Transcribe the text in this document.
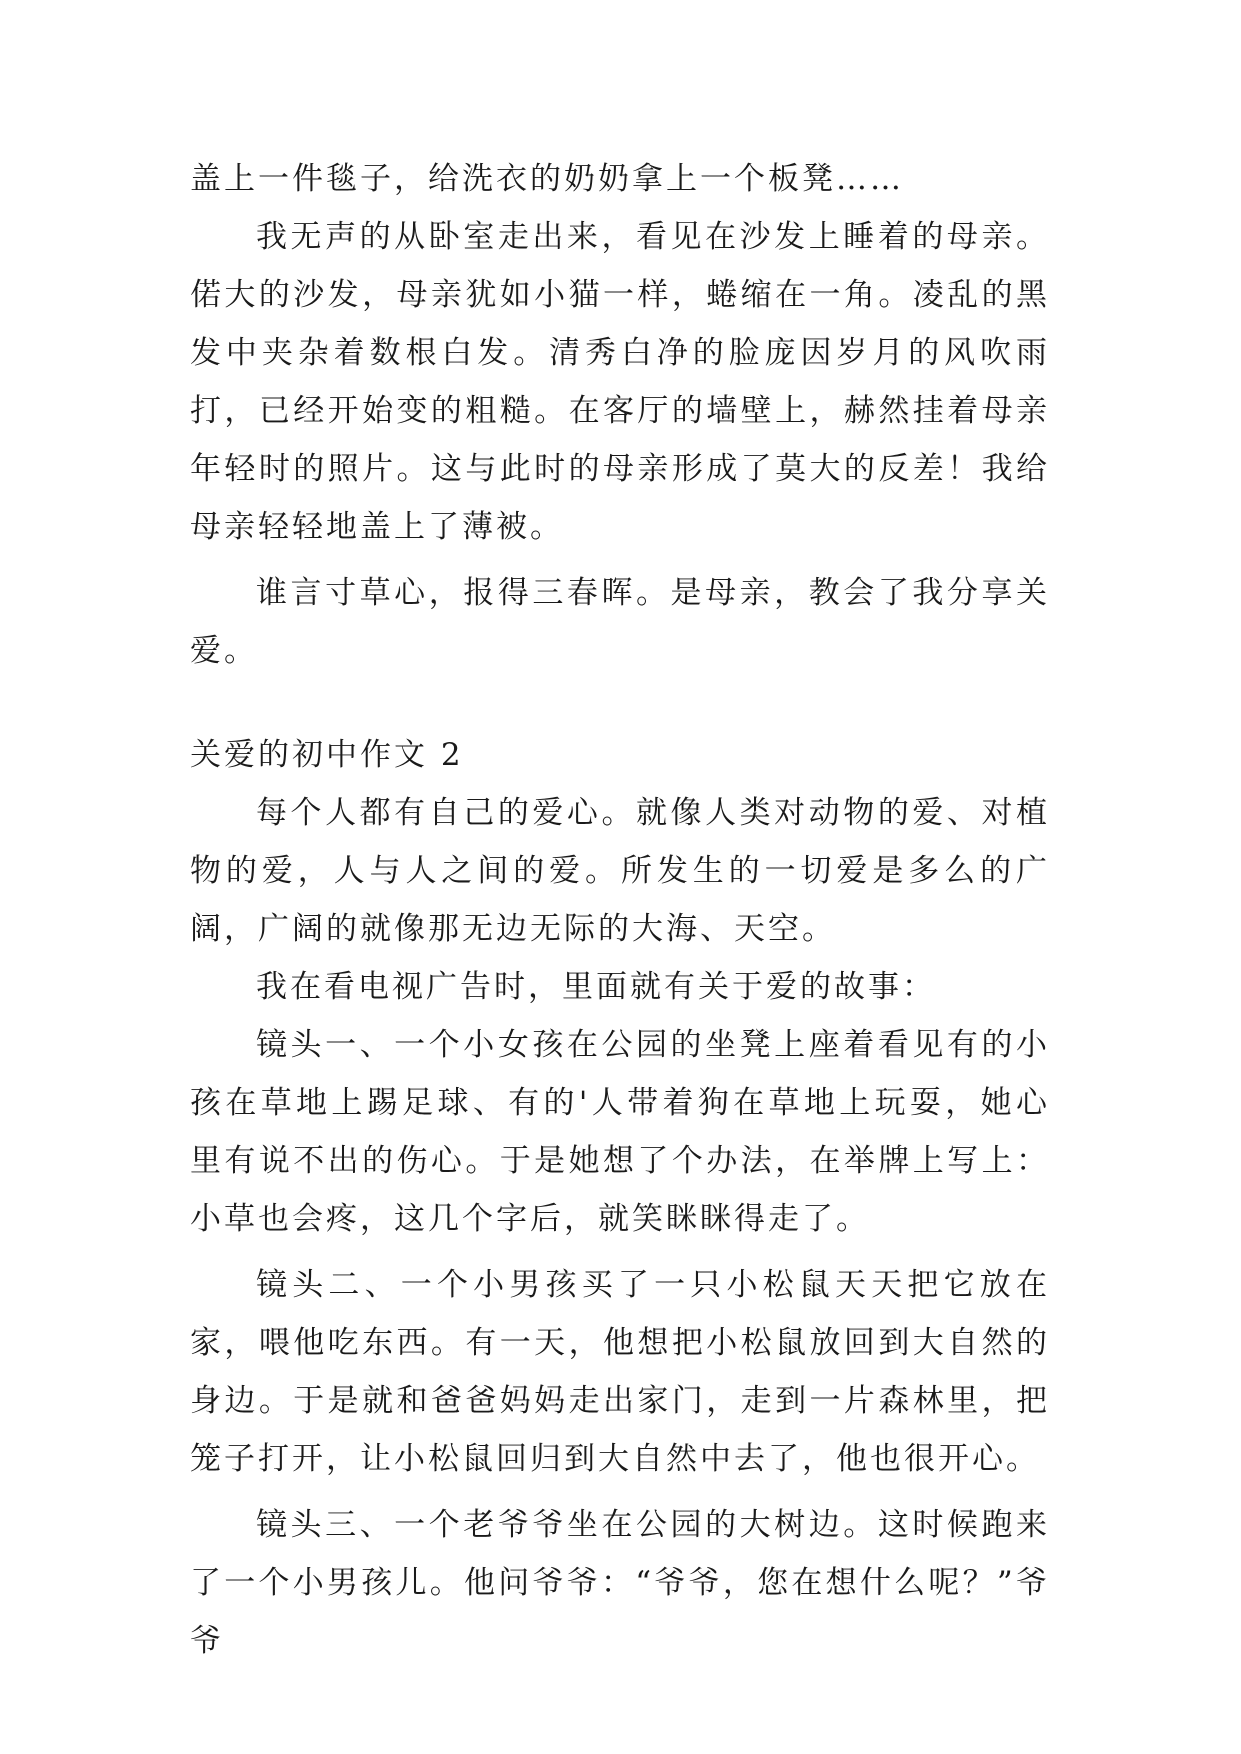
盖上一件毯子，给洗衣的奶奶拿上一个板凳……

我无声的从卧室走出来，看见在沙发上睡着的母亲。偌大的沙发，母亲犹如小猫一样，蜷缩在一角。凌乱的黑发中夹杂着数根白发。清秀白净的脸庞因岁月的风吹雨打，已经开始变的粗糙。在客厅的墙壁上，赫然挂着母亲年轻时的照片。这与此时的母亲形成了莫大的反差！我给母亲轻轻地盖上了薄被。

谁言寸草心，报得三春晖。是母亲，教会了我分享关爱。

关爱的初中作文 2

每个人都有自己的爱心。就像人类对动物的爱、对植物的爱，人与人之间的爱。所发生的一切爱是多么的广阔，广阔的就像那无边无际的大海、天空。

我在看电视广告时，里面就有关于爱的故事：

镜头一、一个小女孩在公园的坐凳上座着看见有的小孩在草地上踢足球、有的'人带着狗在草地上玩耍，她心里有说不出的伤心。于是她想了个办法，在举牌上写上：小草也会疼，这几个字后，就笑眯眯得走了。

镜头二、一个小男孩买了一只小松鼠天天把它放在家，喂他吃东西。有一天，他想把小松鼠放回到大自然的身边。于是就和爸爸妈妈走出家门，走到一片森林里，把笼子打开，让小松鼠回归到大自然中去了，他也很开心。

镜头三、一个老爷爷坐在公园的大树边。这时候跑来了一个小男孩儿。他问爷爷：“爷爷，您在想什么呢？”爷爷
